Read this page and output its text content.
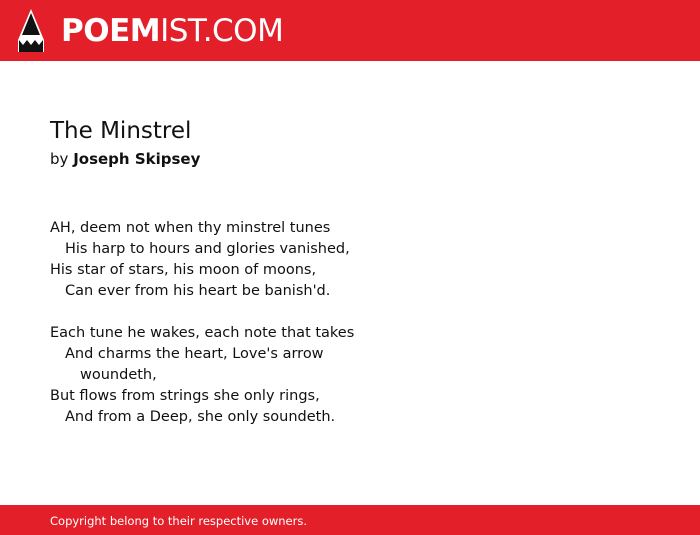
POEMIST.COM
The Minstrel
by Joseph Skipsey
AH, deem not when thy minstrel tunes
His harp to hours and glories vanished,
His star of stars, his moon of moons,
Can ever from his heart be banish'd.
Each tune he wakes, each note that takes
And charms the heart, Love's arrow
woundeth,
But flows from strings she only rings,
And from a Deep, she only soundeth.
Copyright belong to their respective owners.
